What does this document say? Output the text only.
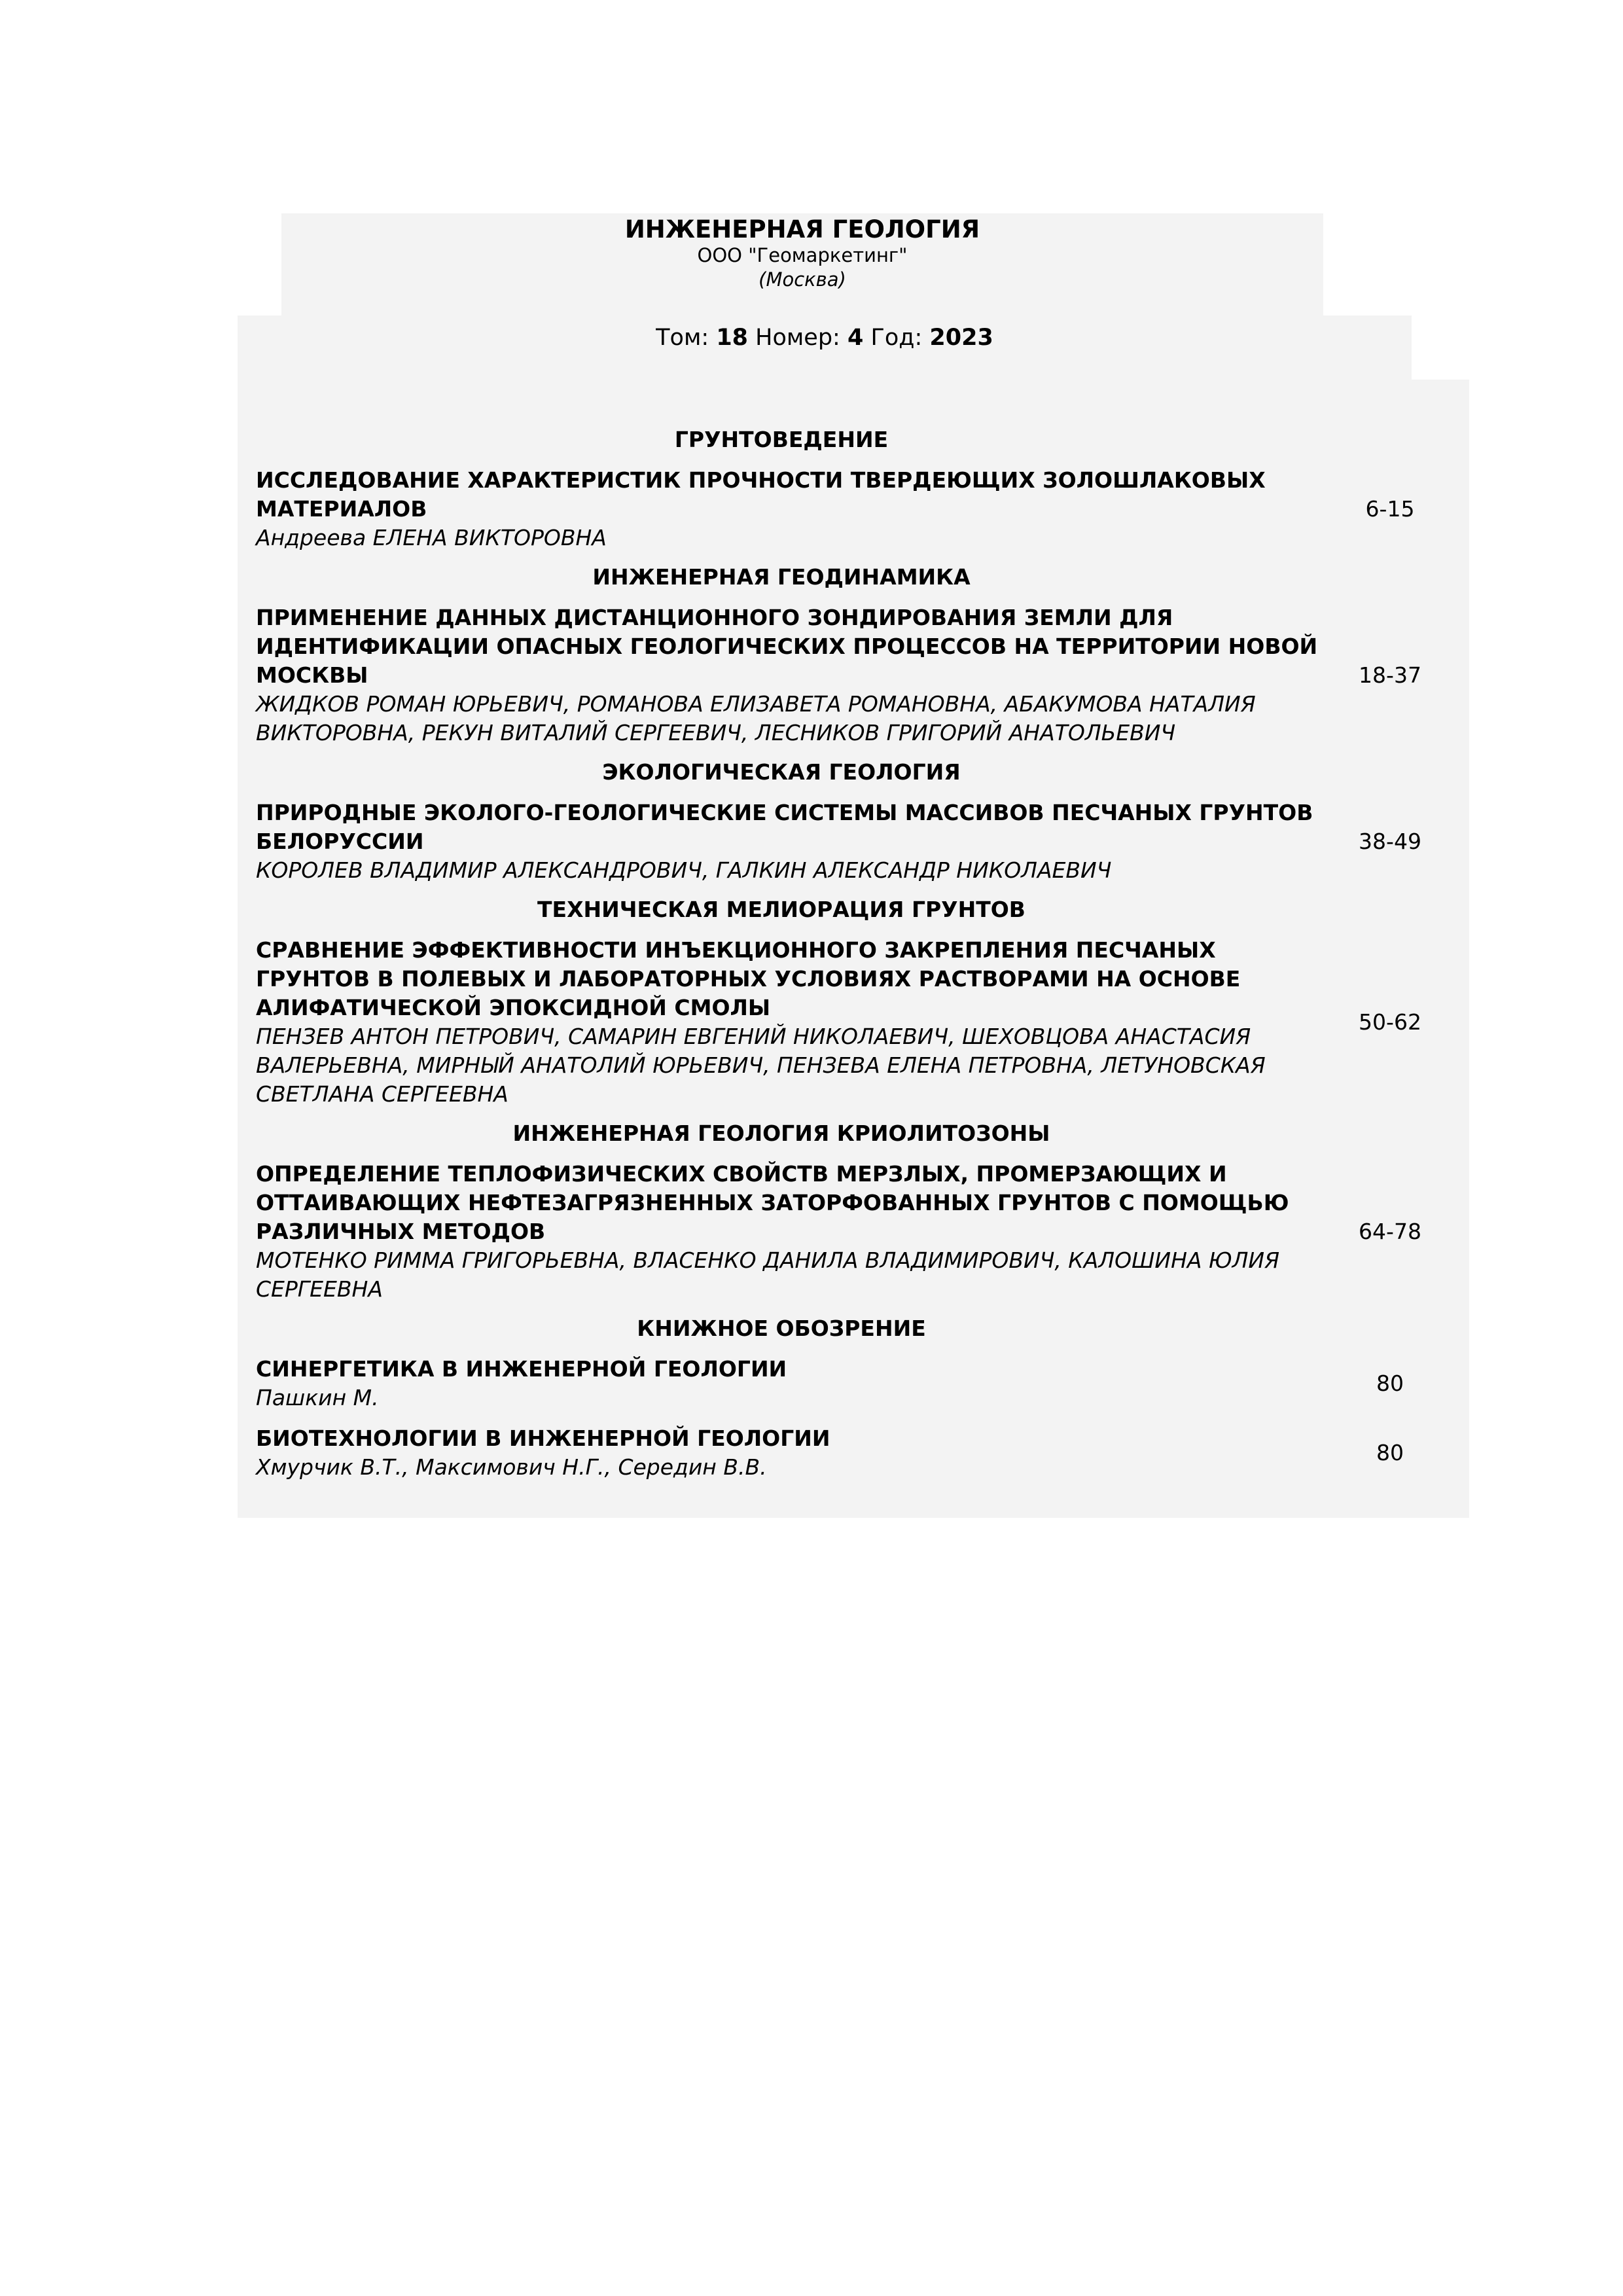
ИНЖЕНЕРНАЯ ГЕОЛОГИЯ
ООО "Геомаркетинг"
(Москва)
Том: 18 Номер: 4 Год: 2023
ГРУНТОВЕДЕНИЕ
ИССЛЕДОВАНИЕ ХАРАКТЕРИСТИК ПРОЧНОСТИ ТВЕРДЕЮЩИХ ЗОЛОШЛАКОВЫХ МАТЕРИАЛОВ
Андреева ЕЛЕНА ВИКТОРОВНА
6-15
ИНЖЕНЕРНАЯ ГЕОДИНАМИКА
ПРИМЕНЕНИЕ ДАННЫХ ДИСТАНЦИОННОГО ЗОНДИРОВАНИЯ ЗЕМЛИ ДЛЯ ИДЕНТИФИКАЦИИ ОПАСНЫХ ГЕОЛОГИЧЕСКИХ ПРОЦЕССОВ НА ТЕРРИТОРИИ НОВОЙ МОСКВЫ
ЖИДКОВ РОМАН ЮРЬЕВИЧ, РОМАНОВА ЕЛИЗАВЕТА РОМАНОВНА, АБАКУМОВА НАТАЛИЯ ВИКТОРОВНА, РЕКУН ВИТАЛИЙ СЕРГЕЕВИЧ, ЛЕСНИКОВ ГРИГОРИЙ АНАТОЛЬЕВИЧ
18-37
ЭКОЛОГИЧЕСКАЯ ГЕОЛОГИЯ
ПРИРОДНЫЕ ЭКОЛОГО-ГЕОЛОГИЧЕСКИЕ СИСТЕМЫ МАССИВОВ ПЕСЧАНЫХ ГРУНТОВ БЕЛОРУССИИ
КОРОЛЕВ ВЛАДИМИР АЛЕКСАНДРОВИЧ, ГАЛКИН АЛЕКСАНДР НИКОЛАЕВИЧ
38-49
ТЕХНИЧЕСКАЯ МЕЛИОРАЦИЯ ГРУНТОВ
СРАВНЕНИЕ ЭФФЕКТИВНОСТИ ИНЪЕКЦИОННОГО ЗАКРЕПЛЕНИЯ ПЕСЧАНЫХ ГРУНТОВ В ПОЛЕВЫХ И ЛАБОРАТОРНЫХ УСЛОВИЯХ РАСТВОРАМИ НА ОСНОВЕ АЛИФАТИЧЕСКОЙ ЭПОКСИДНОЙ СМОЛЫ
ПЕНЗЕВ АНТОН ПЕТРОВИЧ, САМАРИН ЕВГЕНИЙ НИКОЛАЕВИЧ, ШЕХОВЦОВА АНАСТАСИЯ ВАЛЕРЬЕВНА, МИРНЫЙ АНАТОЛИЙ ЮРЬЕВИЧ, ПЕНЗЕВА ЕЛЕНА ПЕТРОВНА, ЛЕТУНОВСКАЯ СВЕТЛАНА СЕРГЕЕВНА
50-62
ИНЖЕНЕРНАЯ ГЕОЛОГИЯ КРИОЛИТОЗОНЫ
ОПРЕДЕЛЕНИЕ ТЕПЛОФИЗИЧЕСКИХ СВОЙСТВ МЕРЗЛЫХ, ПРОМЕРЗАЮЩИХ И ОТТАИВАЮЩИХ НЕФТЕЗАГРЯЗНЕННЫХ ЗАТОРФОВАННЫХ ГРУНТОВ С ПОМОЩЬЮ РАЗЛИЧНЫХ МЕТОДОВ
МОТЕНКО РИММА ГРИГОРЬЕВНА, ВЛАСЕНКО ДАНИЛА ВЛАДИМИРОВИЧ, КАЛОШИНА ЮЛИЯ СЕРГЕЕВНА
64-78
КНИЖНОЕ ОБОЗРЕНИЕ
СИНЕРГЕТИКА В ИНЖЕНЕРНОЙ ГЕОЛОГИИ
Пашкин М.
80
БИОТЕХНОЛОГИИ В ИНЖЕНЕРНОЙ ГЕОЛОГИИ
Хмурчик В.Т., Максимович Н.Г., Середин В.В.
80
